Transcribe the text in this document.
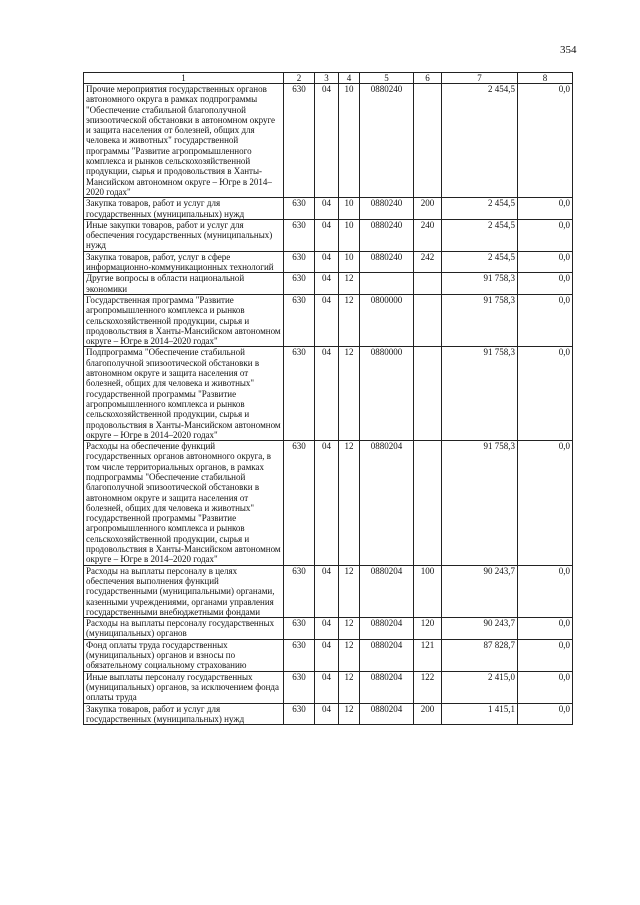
354
1	2	3	4	5	6	7	8
Прочие мероприятия государственных органов автономного округа в рамках подпрограммы "Обеспечение стабильной благополучной эпизоотической обстановки в автономном округе и защита населения от болезней, общих для человека и животных" государственной программы "Развитие агропромышленного комплекса и рынков сельскохозяйственной продукции, сырья и продовольствия в Ханты-Мансийском автономном округе – Югре в 2014–2020 годах"	630	04	10	0880240		2 454,5	0,0
Закупка товаров, работ и услуг для государственных (муниципальных) нужд	630	04	10	0880240	200	2 454,5	0,0
Иные закупки товаров, работ и услуг для обеспечения государственных (муниципальных) нужд	630	04	10	0880240	240	2 454,5	0,0
Закупка товаров, работ, услуг в сфере информационно-коммуникационных технологий	630	04	10	0880240	242	2 454,5	0,0
Другие вопросы в области национальной экономики	630	04	12			91 758,3	0,0
Государственная программа "Развитие агропромышленного комплекса и рынков сельскохозяйственной продукции, сырья и продовольствия в Ханты-Мансийском автономном округе – Югре в 2014–2020 годах"	630	04	12	0800000		91 758,3	0,0
Подпрограмма "Обеспечение стабильной благополучной эпизоотической обстановки в автономном округе и защита населения от болезней, общих для человека и животных" государственной программы "Развитие агропромышленного комплекса и рынков сельскохозяйственной продукции, сырья и продовольствия в Ханты-Мансийском автономном округе – Югре в 2014–2020 годах"	630	04	12	0880000		91 758,3	0,0
Расходы на обеспечение функций государственных органов автономного округа, в том числе территориальных органов, в рамках подпрограммы "Обеспечение стабильной благополучной эпизоотической обстановки в автономном округе и защита населения от болезней, общих для человека и животных" государственной программы "Развитие агропромышленного комплекса и рынков сельскохозяйственной продукции, сырья и продовольствия в Ханты-Мансийском автономном округе – Югре в 2014–2020 годах"	630	04	12	0880204		91 758,3	0,0
Расходы на выплаты персоналу в целях обеспечения выполнения функций государственными (муниципальными) органами, казенными учреждениями, органами управления государственными внебюджетными фондами	630	04	12	0880204	100	90 243,7	0,0
Расходы на выплаты персоналу государственных (муниципальных) органов	630	04	12	0880204	120	90 243,7	0,0
Фонд оплаты труда государственных (муниципальных) органов и взносы по обязательному социальному страхованию	630	04	12	0880204	121	87 828,7	0,0
Иные выплаты персоналу государственных (муниципальных) органов, за исключением фонда оплаты труда	630	04	12	0880204	122	2 415,0	0,0
Закупка товаров, работ и услуг для государственных (муниципальных) нужд	630	04	12	0880204	200	1 415,1	0,0
